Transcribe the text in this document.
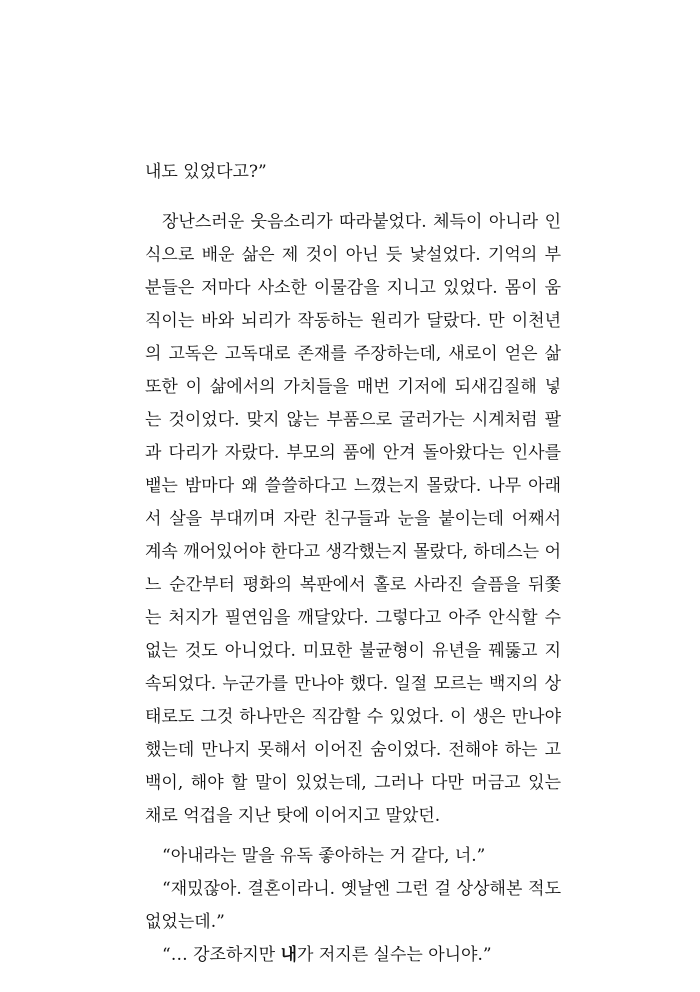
내도 있었다고?”
장난스러운 웃음소리가 따라붙었다. 체득이 아니라 인
식으로 배운 삶은 제 것이 아닌 듯 낯설었다. 기억의 부
분들은 저마다 사소한 이물감을 지니고 있었다. 몸이 움
직이는 바와 뇌리가 작동하는 원리가 달랐다. 만 이천년
의 고독은 고독대로 존재를 주장하는데, 새로이 얻은 삶
또한 이 삶에서의 가치들을 매번 기저에 되새김질해 넣
는 것이었다. 맞지 않는 부품으로 굴러가는 시계처럼 팔
과 다리가 자랐다. 부모의 품에 안겨 돌아왔다는 인사를
뱉는 밤마다 왜 쓸쓸하다고 느꼈는지 몰랐다. 나무 아래
서 살을 부대끼며 자란 친구들과 눈을 붙이는데 어째서
계속 깨어있어야 한다고 생각했는지 몰랐다, 하데스는 어
느 순간부터 평화의 복판에서 홀로 사라진 슬픔을 뒤쫓
는 처지가 필연임을 깨달았다. 그렇다고 아주 안식할 수
없는 것도 아니었다. 미묘한 불균형이 유년을 꿰뚫고 지
속되었다. 누군가를 만나야 했다. 일절 모르는 백지의 상
태로도 그것 하나만은 직감할 수 있었다. 이 생은 만나야
했는데 만나지 못해서 이어진 숨이었다. 전해야 하는 고
백이, 해야 할 말이 있었는데, 그러나 다만 머금고 있는
채로 억겁을 지난 탓에 이어지고 말았던.
“아내라는 말을 유독 좋아하는 거 같다, 너.”
“재밌잖아. 결혼이라니. 옛날엔 그런 걸 상상해본 적도
없었는데.”
“… 강조하지만 내가 저지른 실수는 아니야.”
